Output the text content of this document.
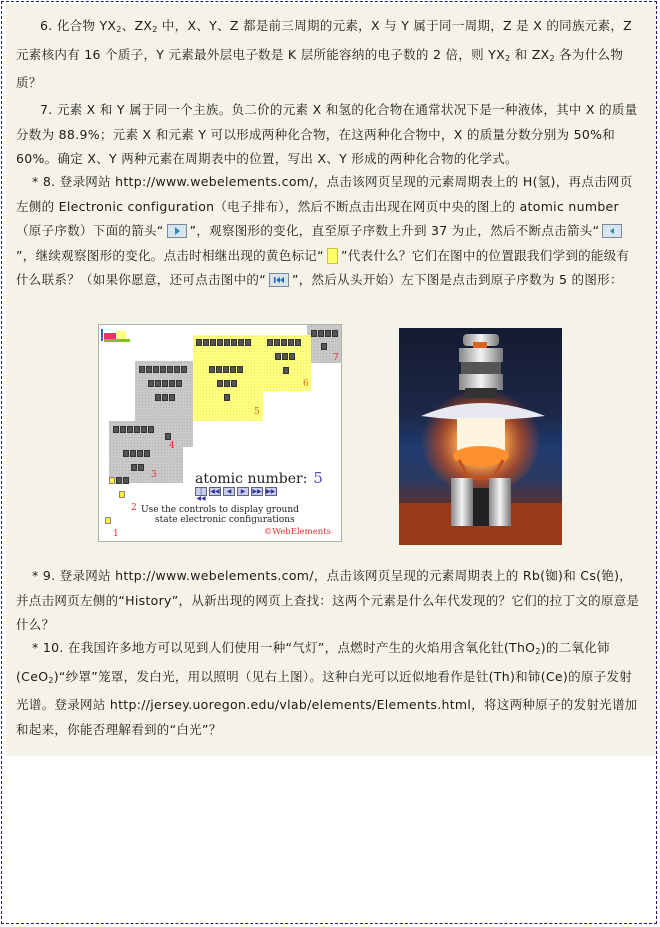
6. 化合物 $YX_2$、$ZX_2$ 中，X、Y、Z 都是前三周期的元素，X 与 Y 属于同一周期，Z 是 X 的同族元素，Z 元素核内有 16 个质子，Y 元素最外层电子数是 K 层所能容纳的电子数的 2 倍，则 $YX_2$ 和 $ZX_2$ 各为什么物质？
7. 元素 X 和 Y 属于同一个主族。负二价的元素 X 和氢的化合物在通常状况下是一种液体，其中 X 的质量分数为 88.9%；元素 X 和元素 Y 可以形成两种化合物，在这两种化合物中，X 的质量分数分别为 50%和 60%。确定 X、Y 两种元素在周期表中的位置，写出 X、Y 形成的两种化合物的化学式。
* 8. 登录网站 http://www.webelements.com/，点击该网页呈现的元素周期表上的 H(氢)，再点击网页左侧的 Electronic configuration（电子排布），然后不断点击出现在网页中央的图上的 atomic number（原子序数）下面的箭头“ ”，观察图形的变化，直至原子序数上升到 37 为止，然后不断点击箭头“
”，继续观察图形的变化。点击时相继出现的黄色标记“ ”代表什么？它们在图中的位置跟我们学到的能级有什么联系？（如果你愿意，还可点击图中的“ ”，然后从头开始）左下图是点击到原子序数为 5 的图形：
7
6
5
4
3
2
1
atomic number: 5
|◀◀
◀◀	◀	▶	▶▶ ▶▶|
Use the controls to display ground
state electronic configurations
©WebElements
* 9. 登录网站 http://www.webelements.com/，点击该网页呈现的元素周期表上的 Rb(铷)和 Cs(铯)，并点击网页左侧的“History”，从新出现的网页上查找：这两个元素是什么年代发现的？它们的拉丁文的原意是什么？
* 10. 在我国许多地方可以见到人们使用一种“气灯”，点燃时产生的火焰用含氧化钍(ThO$_2$)的二氧化铈(CeO$_2$)“纱罩”笼罩，发白光，用以照明（见右上图）。这种白光可以近似地看作是钍(Th)和铈(Ce)的原子发射光谱。登录网站 http://jersey.uoregon.edu/vlab/elements/Elements.html，将这两种原子的发射光谱加和起来，你能否理解看到的“白光”？
